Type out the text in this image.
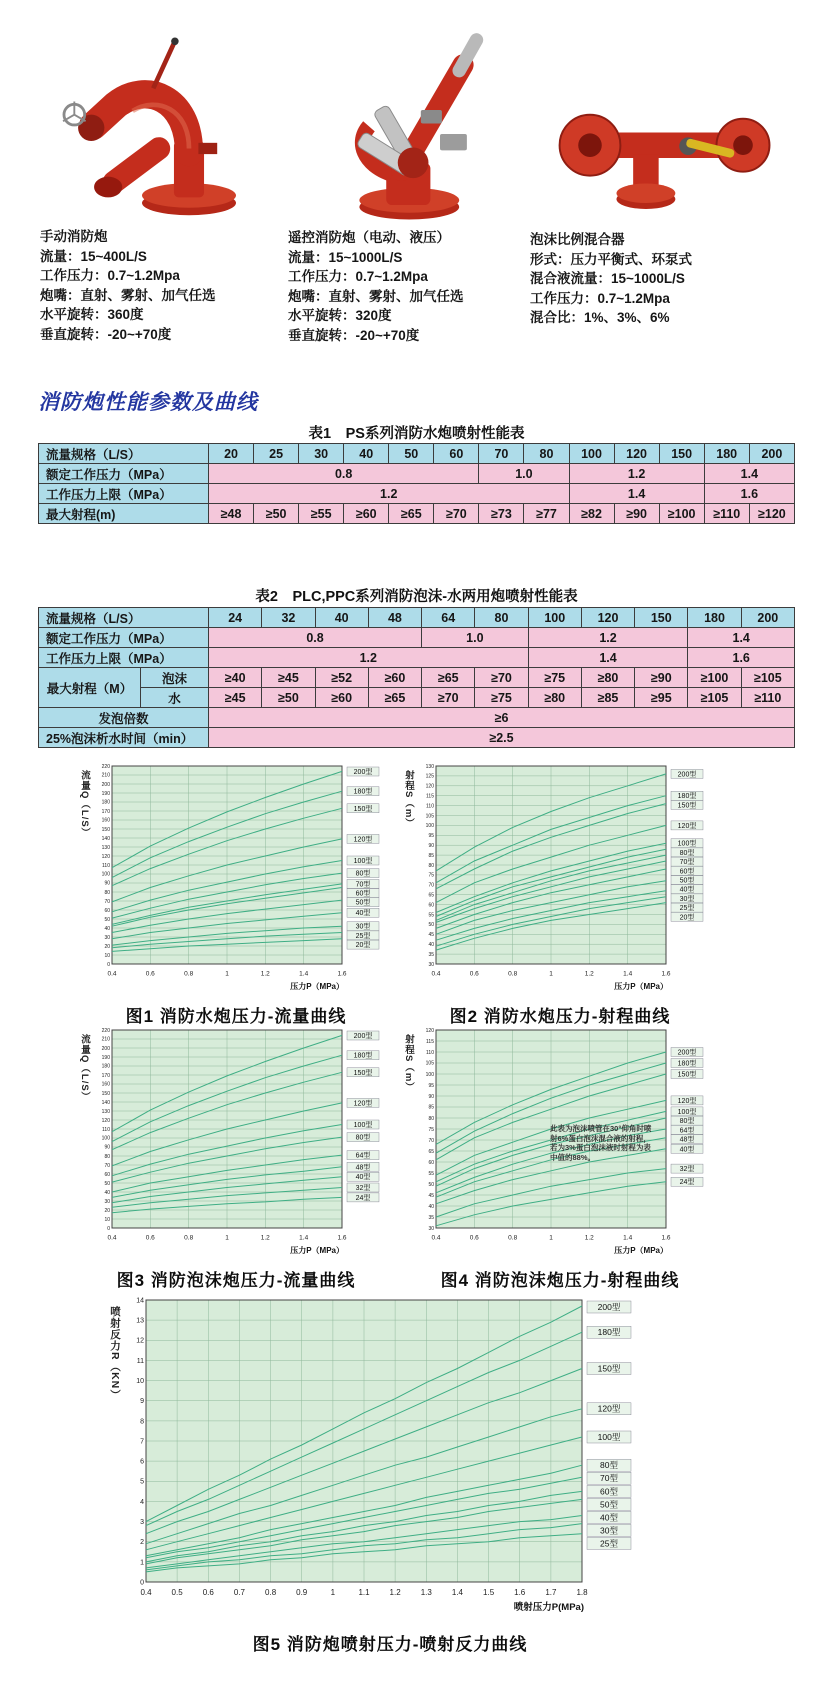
手动消防炮
流量：15~400L/S
工作压力：0.7~1.2Mpa
炮嘴：直射、雾射、加气任选
水平旋转：360度
垂直旋转：-20~+70度
遥控消防炮（电动、液压）
流量：15~1000L/S
工作压力：0.7~1.2Mpa
炮嘴：直射、雾射、加气任选
水平旋转：320度
垂直旋转：-20~+70度
泡沫比例混合器
形式：压力平衡式、环泵式
混合液流量：15~1000L/S
工作压力：0.7~1.2Mpa
混合比：1%、3%、6%
消防炮性能参数及曲线
表1　PS系列消防水炮喷射性能表
流量规格（L/S）	20	25	30	40	50	60	70	80	100	120	150	180	200
额定工作压力（MPa）	0.8						1.0		1.2			1.4	
工作压力上限（MPa）	1.2								1.4			1.6	
最大射程(m)	≥48	≥50	≥55	≥60	≥65	≥70	≥73	≥77	≥82	≥90	≥100	≥110	≥120
表2　PLC,PPC系列消防泡沫-水两用炮喷射性能表
流量规格（L/S）		24	32	40	48	64	80	100	120	150	180	200
额定工作压力（MPa）		0.8				1.0		1.2			1.4	
工作压力上限（MPa）		1.2						1.4			1.6	
最大射程（M）	泡沫	≥40	≥45	≥52	≥60	≥65	≥70	≥75	≥80	≥90	≥100	≥105
	水	≥45	≥50	≥60	≥65	≥70	≥75	≥80	≥85	≥95	≥105	≥110
发泡倍数		≥6										
25%泡沫析水时间（min）		≥2.5										
流量Q（L/S）
0
10
20
30
40
50
60
70
80
90
100
110
120
130
140
150
160
170
180
190
200
210
220
0.4	0.6	0.8	1	1.2	1.4	1.6
200型
180型
150型
120型
100型
80型
70型
60型
50型
40型
30型
25型
20型
压力P（MPa）
图1 消防水炮压力-流量曲线
射程S（m）
30
35
40
45
50
55
60
65
70
75
80
85
90
95
100
105
110
115
120
125
130
0.4	0.6	0.8	1	1.2	1.4	1.6
200型
180型
150型
120型
100型
80型
70型
60型
50型
40型
30型
25型
20型
压力P（MPa）
图2 消防水炮压力-射程曲线
流量Q（L/S）
0
10
20
30
40
50
60
70
80
90
100
110
120
130
140
150
160
170
180
190
200
210
220
0.4	0.6	0.8	1	1.2	1.4	1.6
200型
180型
150型
120型
100型
80型
64型
48型
40型
32型
24型
压力P（MPa）
图3 消防泡沫炮压力-流量曲线
射程S（m）
30
35
40
45
50
55
60
65
70
75
80
85
90
95
100
105
110
115
120
0.4	0.6	0.8	1	1.2	1.4	1.6
200型
180型
150型
120型
100型
80型
64型
48型
40型
32型
24型
压力P（MPa）
此表为泡沫喷管在30°仰角时喷射6%蛋白泡沫混合液的射程，若为3%蛋白泡沫液时射程为表中值的88%。
图4 消防泡沫炮压力-射程曲线
喷射反力R（KN）
0
1
2
3
4
5
6
7
8
9
10
11
12
13
14
0.4 0.5	0.6 0.7	0.8 0.9	1	1.1 1.2	1.3 1.4	1.5 1.6	1.7 1.8
200型
180型
150型
120型
100型
80型
70型
60型
50型
40型
30型
25型
喷射压力P(MPa)
图5 消防炮喷射压力-喷射反力曲线
